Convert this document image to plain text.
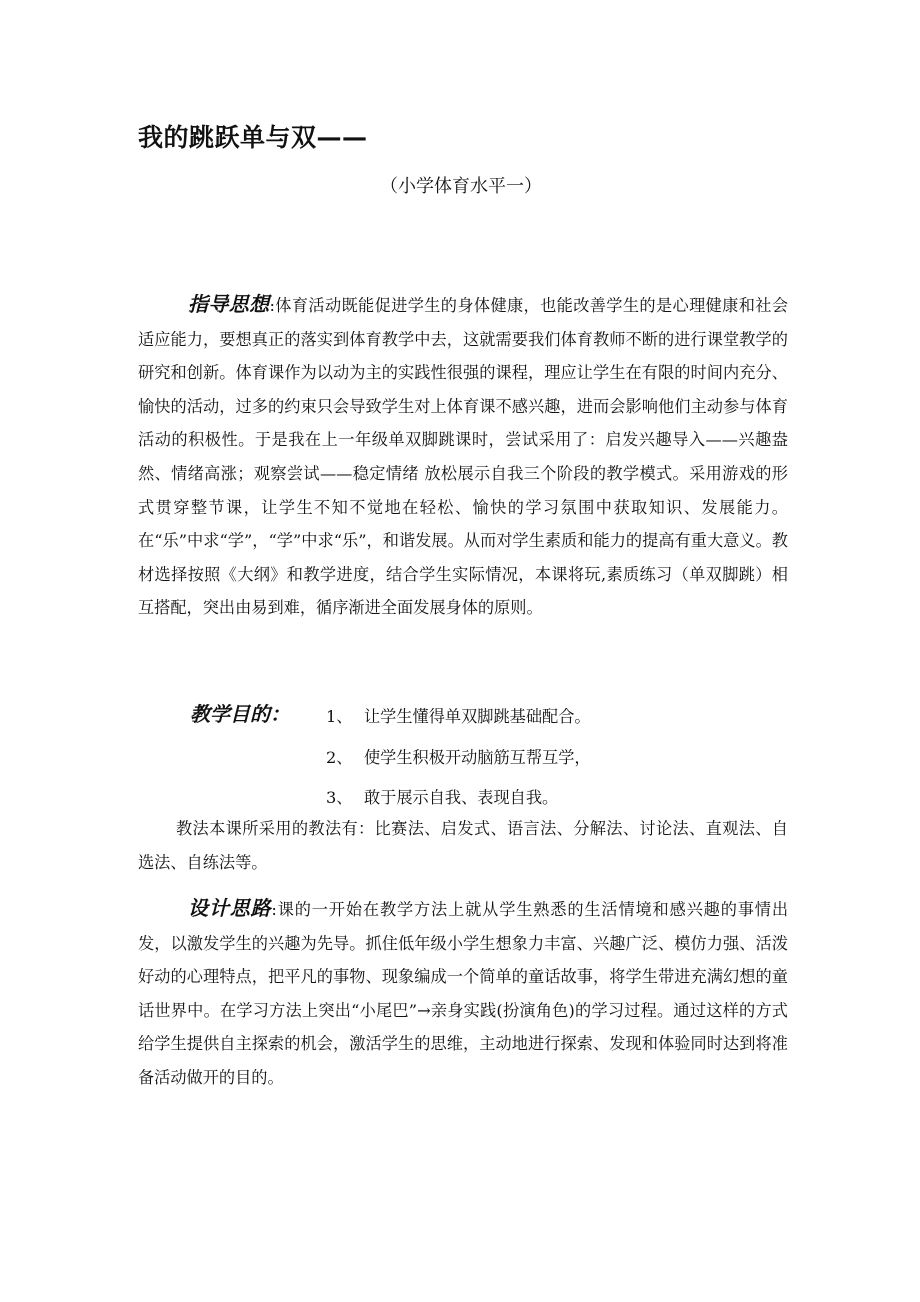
我的跳跃单与双——
（小学体育水平一）

指导思想:体育活动既能促进学生的身体健康，也能改善学生的是心理健康和社会适应能力，要想真正的落实到体育教学中去，这就需要我们体育教师不断的进行课堂教学的研究和创新。体育课作为以动为主的实践性很强的课程，理应让学生在有限的时间内充分、愉快的活动，过多的约束只会导致学生对上体育课不感兴趣，进而会影响他们主动参与体育活动的积极性。于是我在上一年级单双脚跳课时，尝试采用了：启发兴趣导入——兴趣盎然、情绪高涨；观察尝试——稳定情绪 放松展示自我三个阶段的教学模式。采用游戏的形式贯穿整节课，让学生不知不觉地在轻松、愉快的学习氛围中获取知识、发展能力。在“乐”中求“学”，“学”中求“乐”，和谐发展。从而对学生素质和能力的提高有重大意义。教材选择按照《大纲》和教学进度，结合学生实际情况，本课将玩,素质练习（单双脚跳）相互搭配，突出由易到难，循序渐进全面发展身体的原则。

教学目的： 1、 让学生懂得单双脚跳基础配合。
2、 使学生积极开动脑筋互帮互学，
3、 敢于展示自我、表现自我。

教法本课所采用的教法有：比赛法、启发式、语言法、分解法、讨论法、直观法、自选法、自练法等。

设计思路:课的一开始在教学方法上就从学生熟悉的生活情境和感兴趣的事情出发，以激发学生的兴趣为先导。抓住低年级小学生想象力丰富、兴趣广泛、模仿力强、活泼好动的心理特点，把平凡的事物、现象编成一个简单的童话故事，将学生带进充满幻想的童话世界中。在学习方法上突出“小尾巴”→亲身实践(扮演角色)的学习过程。通过这样的方式给学生提供自主探索的机会，激活学生的思维，主动地进行探索、发现和体验同时达到将准备活动做开的目的。
